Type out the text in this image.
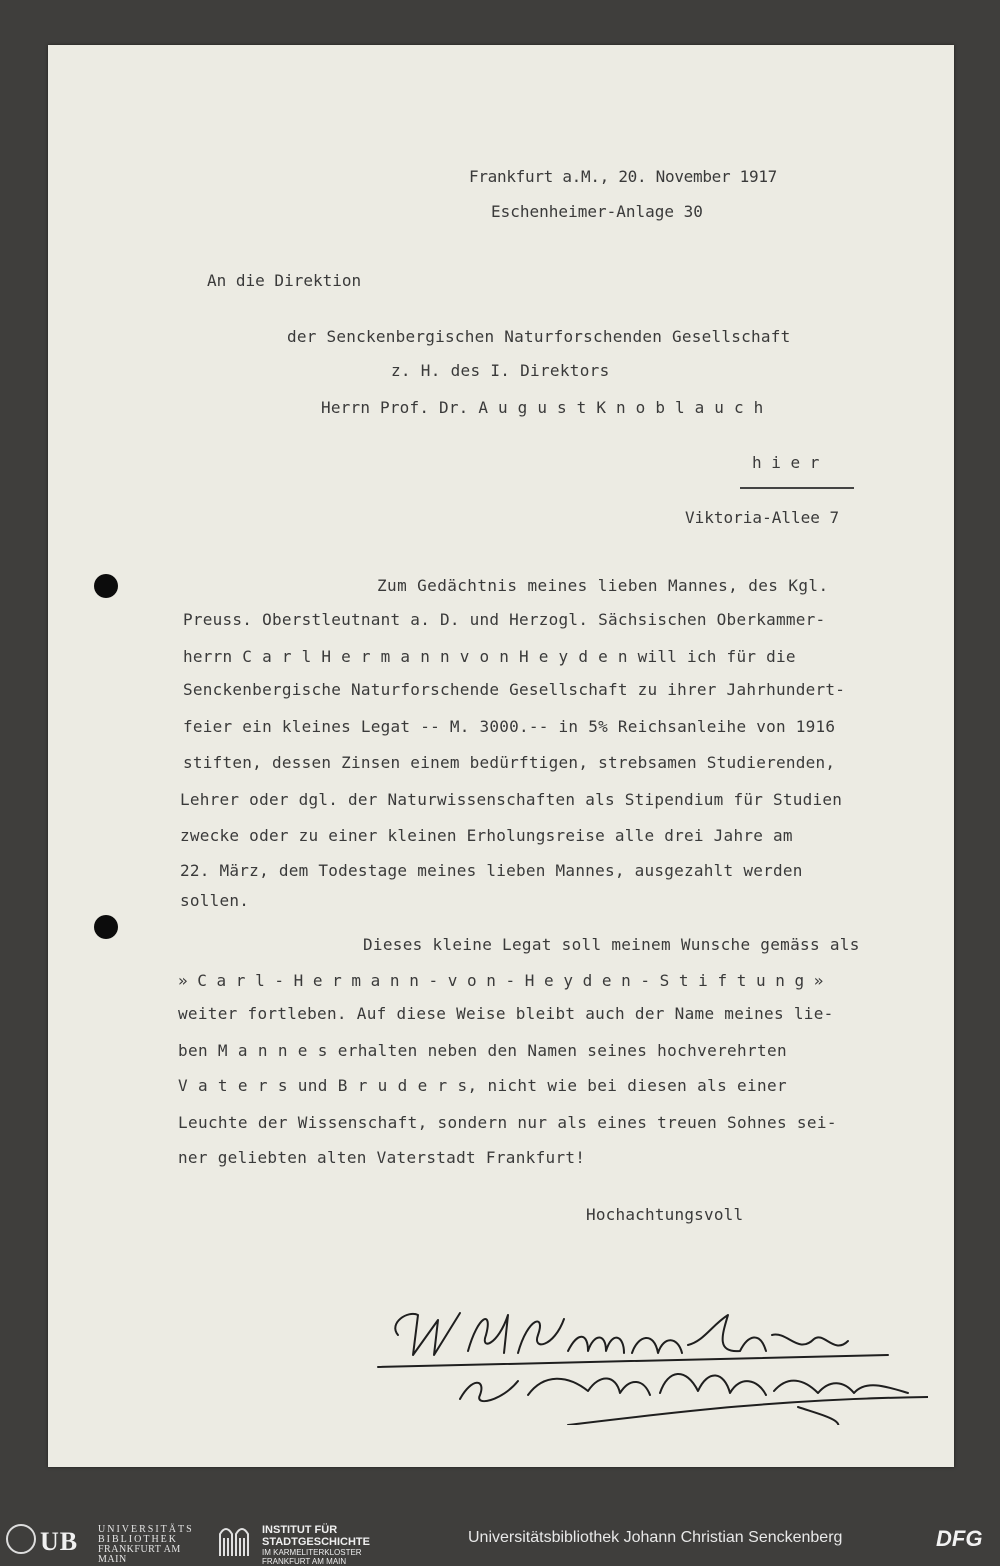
Frankfurt a.M., 20. November 1917
Eschenheimer-Anlage 30
An die Direktion
der Senckenbergischen Naturforschenden Gesellschaft
z. H. des I. Direktors
Herrn Prof. Dr. A u g u s t K n o b l a u c h
h i e r
Viktoria-Allee 7
Zum Gedächtnis meines lieben Mannes, des Kgl.
Preuss. Oberstleutnant a. D. und Herzogl. Sächsischen Oberkammer-
herrn C a r l H e r m a n n v o n H e y d e n will ich für die
Senckenbergische Naturforschende Gesellschaft zu ihrer Jahrhundert-
feier ein kleines Legat -- M. 3000.-- in 5% Reichsanleihe von 1916
stiften, dessen Zinsen einem bedürftigen, strebsamen Studierenden,
Lehrer oder dgl. der Naturwissenschaften als Stipendium für Studien
zwecke oder zu einer kleinen Erholungsreise alle drei Jahre am
22. März, dem Todestage meines lieben Mannes, ausgezahlt werden
sollen.
Dieses kleine Legat soll meinem Wunsche gemäss als
» C a r l - H e r m a n n - v o n - H e y d e n - S t i f t u n g »
weiter fortleben. Auf diese Weise bleibt auch der Name meines lie-
ben M a n n e s erhalten neben den Namen seines hochverehrten
V a t e r s und B r u d e r s, nicht wie bei diesen als einer
Leuchte der Wissenschaft, sondern nur als eines treuen Sohnes sei-
ner geliebten alten Vaterstadt Frankfurt!
Hochachtungsvoll
UB UNIVERSITÄTS
BIBLIOTHEK
FRANKFURT AM MAIN
INSTITUT FÜR
STADTGESCHICHTE
IM KARMELITERKLOSTER
FRANKFURT AM MAIN
Universitätsbibliothek Johann Christian Senckenberg	DFG
